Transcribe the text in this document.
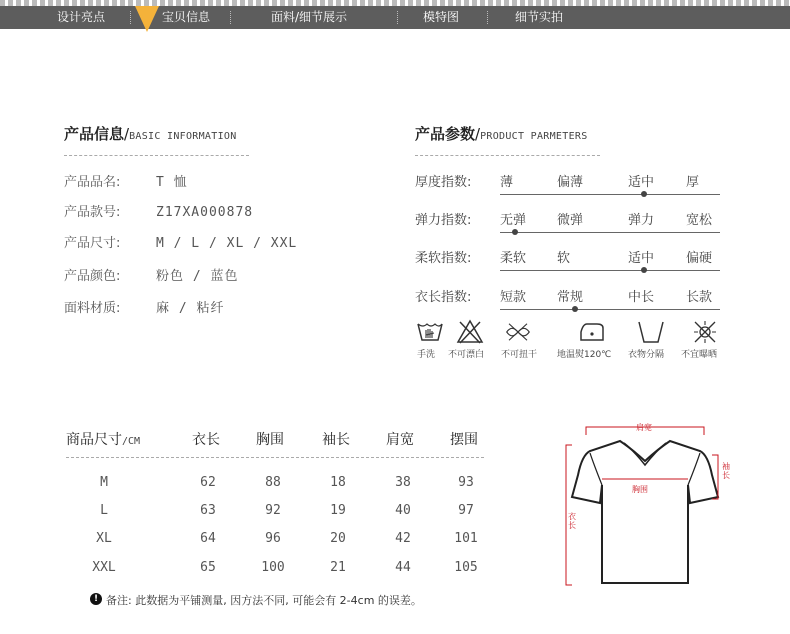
设计亮点	宝贝信息	面料/细节展示	模特图	细节实拍
产品信息/BASIC INFORMATION
产品品名:	T 恤
产品款号:	Z17XA000878
产品尺寸:	M / L / XL / XXL
产品颜色:	粉色 / 蓝色
面料材质:	麻 / 粘纤
产品参数/PRODUCT PARMETERS
厚度指数: 薄	偏薄	适中 厚
弹力指数: 无弹 微弹	弹力 宽松
柔软指数: 柔软 软	适中 偏硬
衣长指数: 短款 常规	中长 长款
手洗 不可漂白 不可扭干 地温熨120℃ 衣物分隔 不宜曝晒
商品尺寸/CM	衣长	胸围	袖长	肩宽	摆围
M	62	88	18	38	93
L	63	92	19	40	97
XL	64	96	20	42	101
XXL	65	100	21	44	105
! 备注: 此数据为平铺测量, 因方法不同, 可能会有 2-4cm 的误差。
肩宽
胸围
袖长
衣长
